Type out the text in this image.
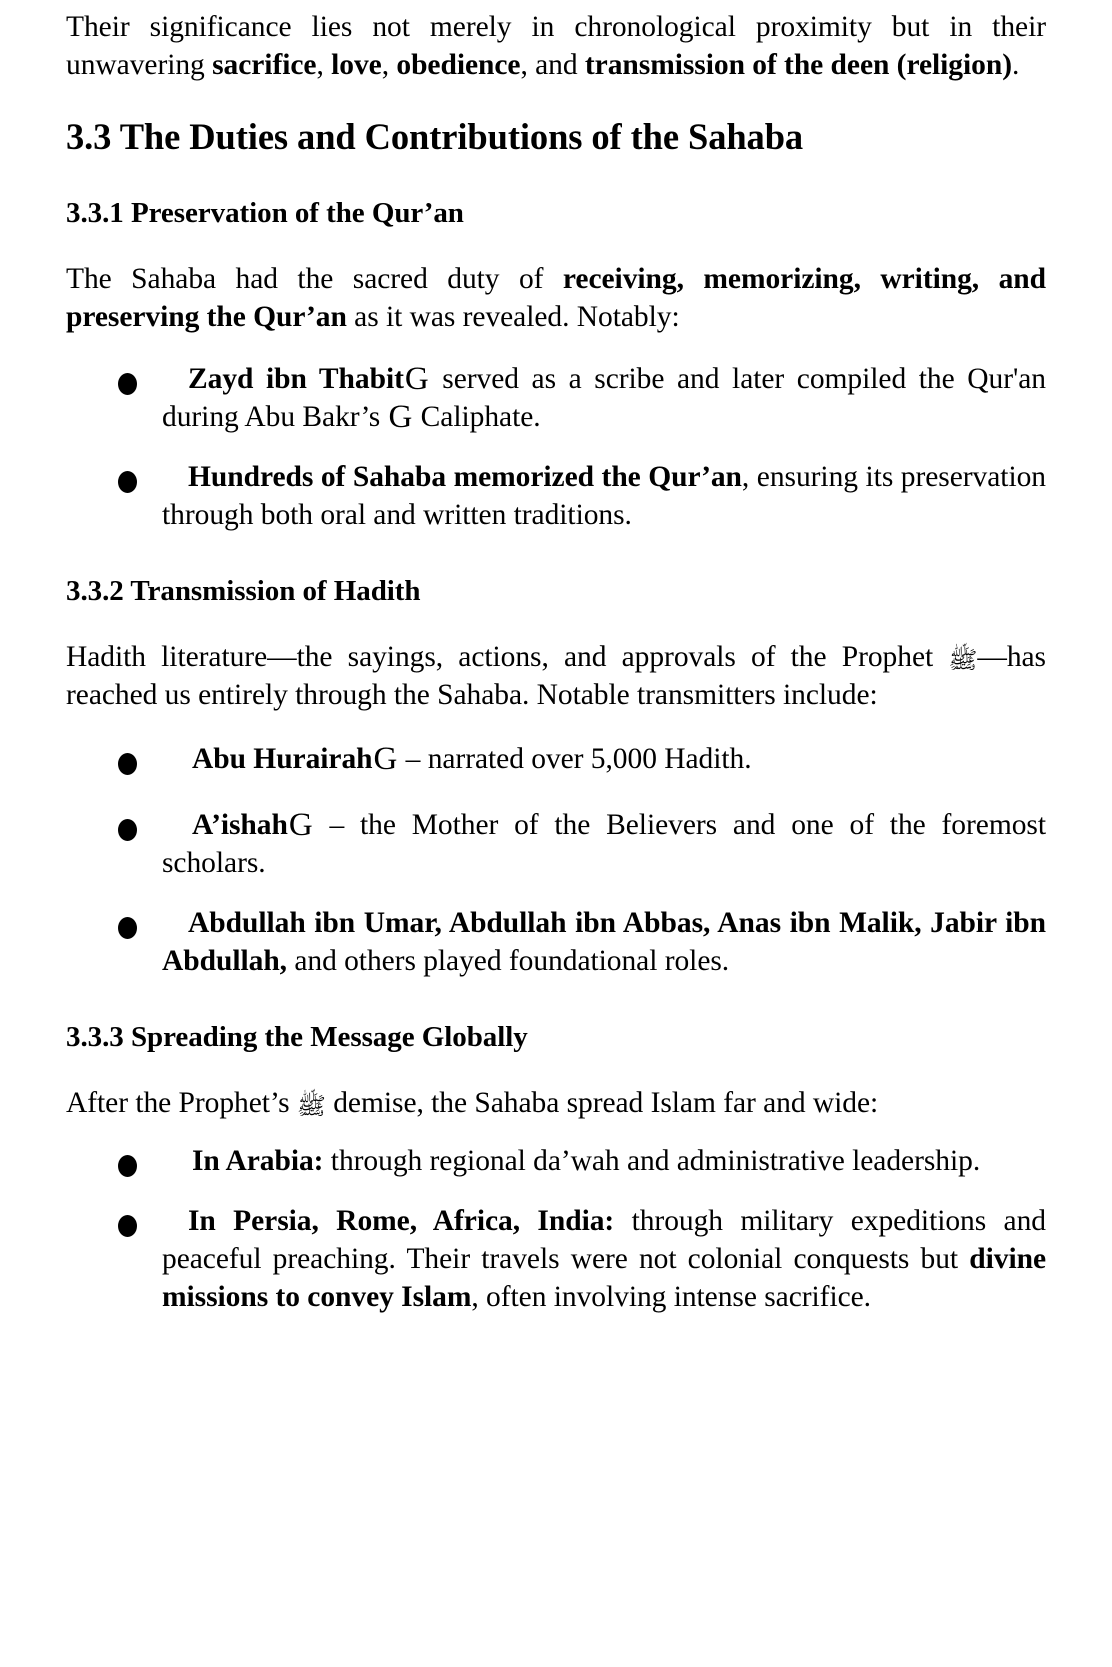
Their significance lies not merely in chronological proximity but in their unwavering sacrifice, love, obedience, and transmission of the deen (religion).

3.3 The Duties and Contributions of the Sahaba
3.3.1 Preservation of the Qur’an

The Sahaba had the sacred duty of receiving, memorizing, writing, and preserving the Qur’an as it was revealed. Notably:

Zayd ibn ThabitG served as a scribe and later compiled the Qur'an during Abu Bakr’s G Caliphate.
Hundreds of Sahaba memorized the Qur’an, ensuring its preservation through both oral and written traditions.
3.3.2 Transmission of Hadith

Hadith literature—the sayings, actions, and approvals of the Prophet ﷺ—has reached us entirely through the Sahaba. Notable transmitters include:

Abu HurairahG – narrated over 5,000 Hadith.
A’ishahG – the Mother of the Believers and one of the foremost scholars.
Abdullah ibn Umar, Abdullah ibn Abbas, Anas ibn Malik, Jabir ibn Abdullah, and others played foundational roles.
3.3.3 Spreading the Message Globally

After the Prophet’s ﷺ demise, the Sahaba spread Islam far and wide:

In Arabia: through regional da’wah and administrative leadership.
In Persia, Rome, Africa, India: through military expeditions and peaceful preaching. Their travels were not colonial conquests but divine missions to convey Islam, often involving intense sacrifice.
